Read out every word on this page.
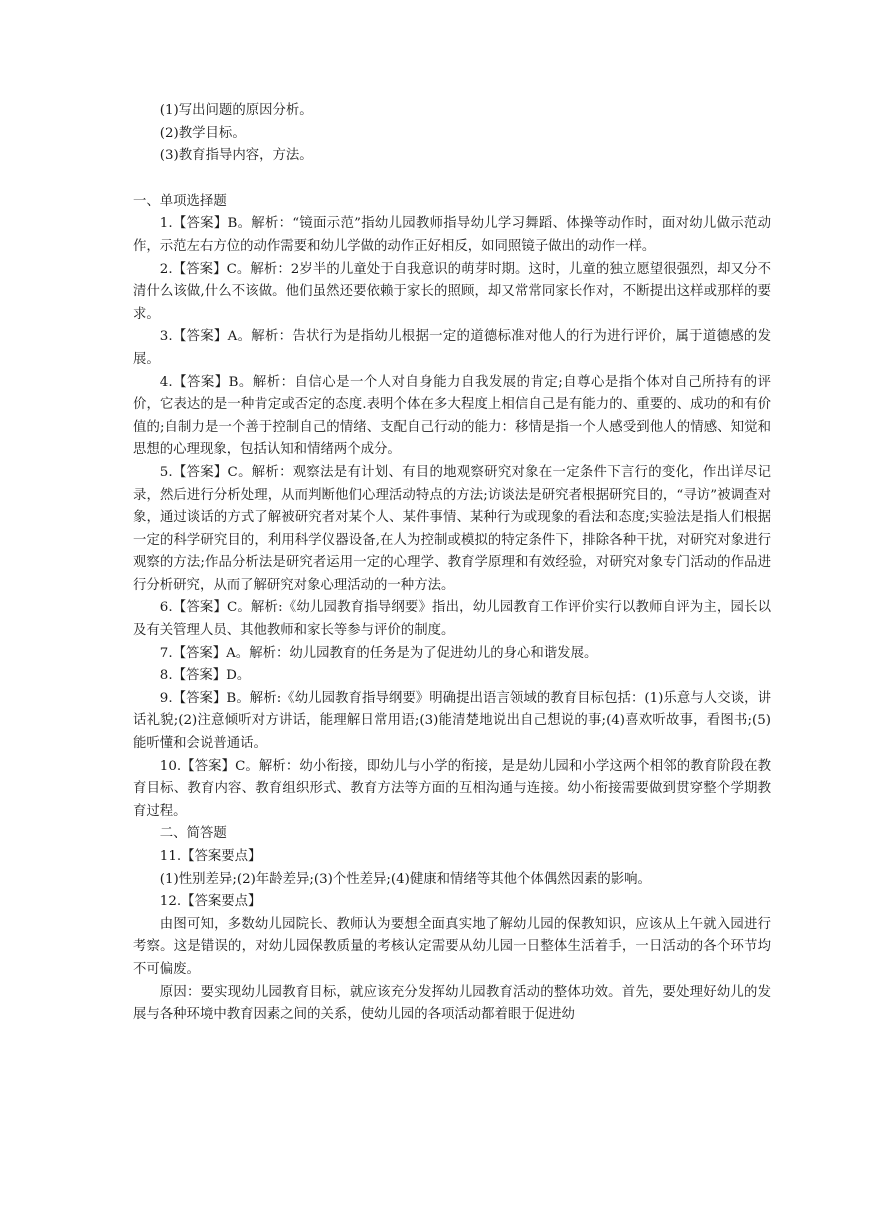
(1)写出问题的原因分析。

(2)教学目标。

(3)教育指导内容，方法。

一、单项选择题

1.【答案】B。解析：“镜面示范”指幼儿园教师指导幼儿学习舞蹈、体操等动作时，面对幼儿做示范动作，示范左右方位的动作需要和幼儿学做的动作正好相反，如同照镜子做出的动作一样。

2.【答案】C。解析：2岁半的儿童处于自我意识的萌芽时期。这时，儿童的独立愿望很强烈，却又分不清什么该做,什么不该做。他们虽然还要依赖于家长的照顾，却又常常同家长作对，不断提出这样或那样的要求。

3.【答案】A。解析：告状行为是指幼儿根据一定的道德标准对他人的行为进行评价，属于道德感的发展。

4.【答案】B。解析：自信心是一个人对自身能力自我发展的肯定;自尊心是指个体对自己所持有的评价，它表达的是一种肯定或否定的态度.表明个体在多大程度上相信自己是有能力的、重要的、成功的和有价值的;自制力是一个善于控制自己的情绪、支配自己行动的能力：移情是指一个人感受到他人的情感、知觉和思想的心理现象，包括认知和情绪两个成分。

5.【答案】C。解析：观察法是有计划、有目的地观察研究对象在一定条件下言行的变化，作出详尽记录，然后进行分析处理，从而判断他们心理活动特点的方法;访谈法是研究者根据研究目的，“寻访”被调查对象，通过谈话的方式了解被研究者对某个人、某件事情、某种行为或现象的看法和态度;实验法是指人们根据一定的科学研究目的，利用科学仪器设备,在人为控制或模拟的特定条件下，排除各种干扰，对研究对象进行观察的方法;作品分析法是研究者运用一定的心理学、教育学原理和有效经验，对研究对象专门活动的作品进行分析研究，从而了解研究对象心理活动的一种方法。

6.【答案】C。解析:《幼儿园教育指导纲要》指出，幼儿园教育工作评价实行以教师自评为主，园长以及有关管理人员、其他教师和家长等参与评价的制度。

7.【答案】A。解析：幼儿园教育的任务是为了促进幼儿的身心和谐发展。

8.【答案】D。

9.【答案】B。解析:《幼儿园教育指导纲要》明确提出语言领域的教育目标包括：(1)乐意与人交谈，讲话礼貌;(2)注意倾听对方讲话，能理解日常用语;(3)能清楚地说出自己想说的事;(4)喜欢听故事，看图书;(5)能听懂和会说普通话。

10.【答案】C。解析：幼小衔接，即幼儿与小学的衔接，是是幼儿园和小学这两个相邻的教育阶段在教育目标、教育内容、教育组织形式、教育方法等方面的互相沟通与连接。幼小衔接需要做到贯穿整个学期教育过程。

二、简答题

11.【答案要点】

(1)性别差异;(2)年龄差异;(3)个性差异;(4)健康和情绪等其他个体偶然因素的影响。

12.【答案要点】

由图可知，多数幼儿园院长、教师认为要想全面真实地了解幼儿园的保教知识，应该从上午就入园进行考察。这是错误的，对幼儿园保教质量的考核认定需要从幼儿园一日整体生活着手，一日活动的各个环节均不可偏废。

原因：要实现幼儿园教育目标，就应该充分发挥幼儿园教育活动的整体功效。首先，要处理好幼儿的发展与各种环境中教育因素之间的关系，使幼儿园的各项活动都着眼于促进幼
